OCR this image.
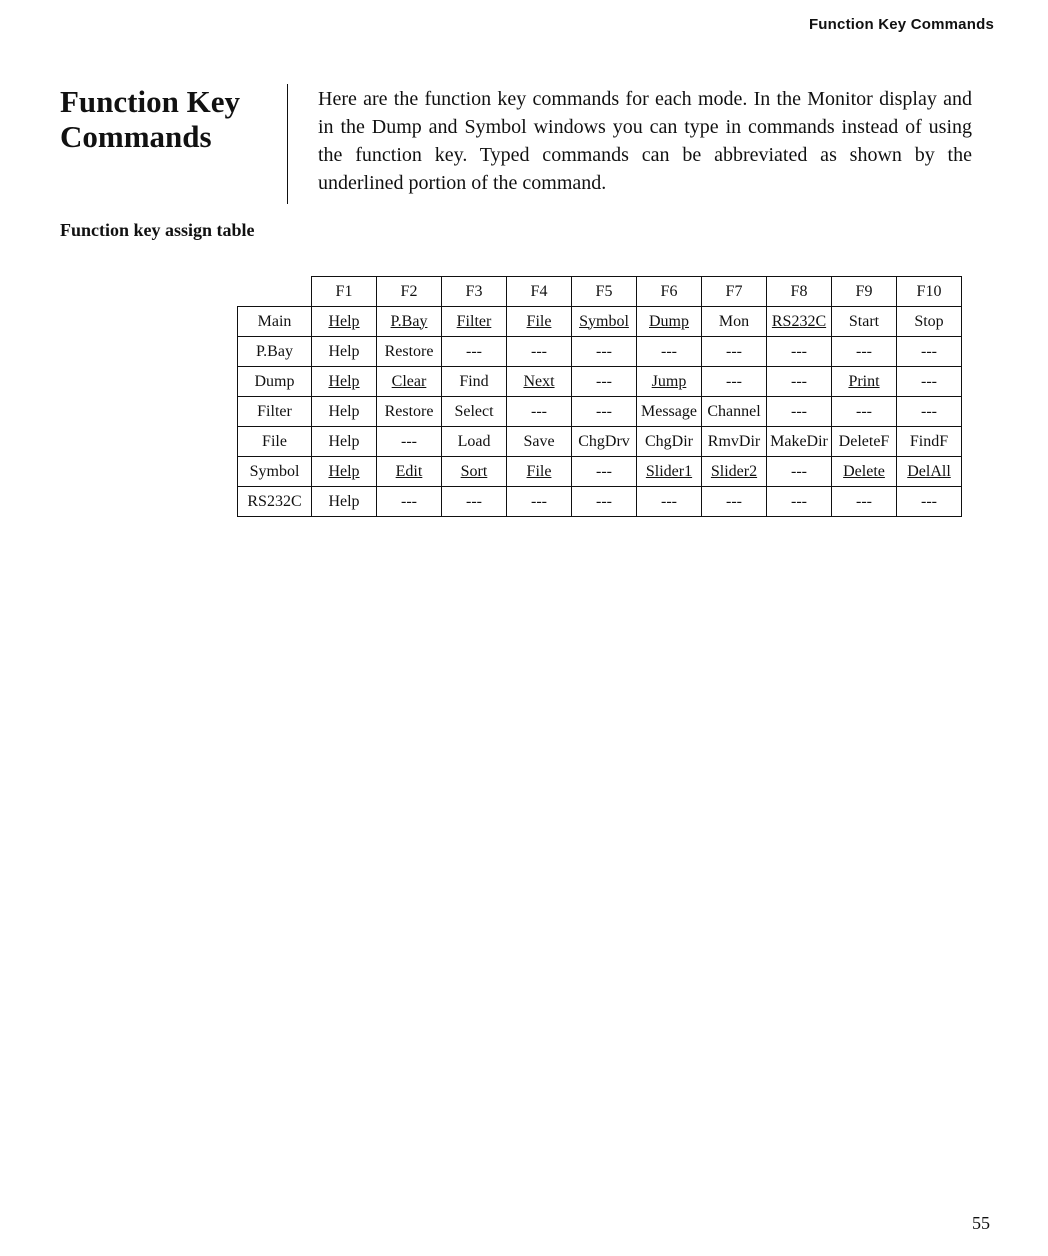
Function Key Commands
Function Key Commands

Here are the function key commands for each mode. In the Monitor display and in the Dump and Symbol windows you can type in commands instead of using the function key. Typed commands can be abbreviated as shown by the underlined portion of the command.

Function key assign table
	F1	F2	F3	F4	F5	F6	F7	F8	F9	F10
Main	Help	P.Bay	Filter	File	Symbol	Dump	Mon	RS232C	Start	Stop
P.Bay	Help	Restore	---	---	---	---	---	---	---	---
Dump	Help	Clear	Find	Next	---	Jump	---	---	Print	---
Filter	Help	Restore	Select	---	---	Message	Channel	---	---	---
File	Help	---	Load	Save	ChgDrv	ChgDir	RmvDir	MakeDir	DeleteF	FindF
Symbol	Help	Edit	Sort	File	---	Slider1	Slider2	---	Delete	DelAll
RS232C	Help	---	---	---	---	---	---	---	---	---
55
